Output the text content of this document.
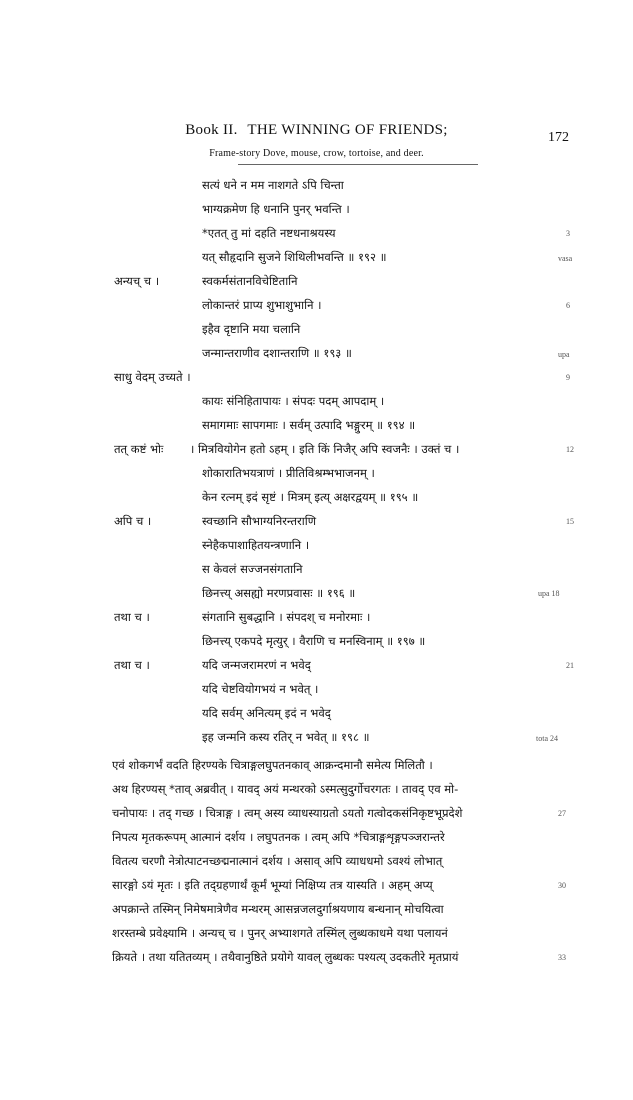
Book II. THE WINNING OF FRIENDS;	172
Frame-story Dove, mouse, crow, tortoise, and deer.
सत्यं धने न मम नाशगते ऽपि चिन्ता
भाग्यक्रमेण हि धनानि पुनर् भवन्ति ।
*एतत् तु मां दहति नष्टधनाश्रयस्य	3
यत् सौहृदानि सुजने शिथिलीभवन्ति ॥ १९२ ॥	vasa
अन्यच् च ।	स्वकर्मसंतानविचेष्टितानि
लोकान्तरं प्राप्य शुभाशुभानि ।	6
इहैव दृष्टानि मया चलानि
जन्मान्तराणीव दशान्तराणि ॥ १९३ ॥	upa
साधु वेदम् उच्यते ।	9
कायः संनिहितापायः । संपदः पदम् आपदाम् ।
समागमाः सापगमाः । सर्वम् उत्पादि भङ्गुरम् ॥ १९४ ॥
तत् कष्टं भोः । मित्रवियोगेन हतो ऽहम् । इति किं निजैर् अपि स्वजनैः । उक्तं च ।	12
शोकारातिभयत्राणं । प्रीतिविश्रम्भभाजनम् ।
केन रत्नम् इदं सृष्टं । मित्रम् इत्य् अक्षरद्वयम् ॥ १९५ ॥
अपि च ।	स्वच्छानि सौभाग्यनिरन्तराणि	15
स्नेहैकपाशाहितयन्त्रणानि ।
स केवलं सज्जनसंगतानि
छिनत्त्य् असह्यो मरणप्रवासः ॥ १९६ ॥	upa 18
तथा च ।	संगतानि सुबद्धानि । संपदश् च मनोरमाः ।
छिनत्त्य् एकपदे मृत्युर् । वैराणि च मनस्विनाम् ॥ १९७ ॥
तथा च ।	यदि जन्मजरामरणं न भवेद्	21
यदि चेष्टवियोगभयं न भवेत् ।
यदि सर्वम् अनित्यम् इदं न भवेद्
इह जन्मनि कस्य रतिर् न भवेत् ॥ १९८ ॥	tota 24
एवं शोकगर्भं वदति हिरण्यके चित्राङ्गलघुपतनकाव् आक्रन्दमानौ समेत्य मिलितौ ।
अथ हिरण्यस् *ताव् अब्रवीत् । यावद् अयं मन्थरको ऽस्मत्सुदुर्गोचरगतः । तावद् एव मो-
चनोपायः । तद् गच्छ । चित्राङ्ग । त्वम् अस्य व्याधस्याग्रतो ऽयतो गत्वोदकसंनिकृष्टभूप्रदेशे	27
निपत्य मृतकरूपम् आत्मानं दर्शय । लघुपतनक । त्वम् अपि *चित्राङ्गशृङ्गपञ्जरान्तरे
वितत्य चरणौ नेत्रोत्पाटनच्छद्मनात्मानं दर्शय । असाव् अपि व्याधधमो ऽवश्यं लोभात्
सारङ्गो ऽयं मृतः । इति तद्ग्रहणार्थं कूर्मं भूम्यां निक्षिप्य तत्र यास्यति । अहम् अप्य्	30
अपक्रान्ते तस्मिन् निमेषमात्रेणैव मन्थरम् आसन्नजलदुर्गाश्रयणाय बन्धनान् मोचयित्वा
शरस्तम्बे प्रवेक्ष्यामि । अन्यच् च । पुनर् अभ्याशगते तस्मिंल् लुब्धकाधमे यथा पलायनं
क्रियते । तथा यतितव्यम् । तथैवानुष्ठिते प्रयोगे यावल् लुब्धकः पश्यत्य् उदकतीरे मृतप्रायं	33
